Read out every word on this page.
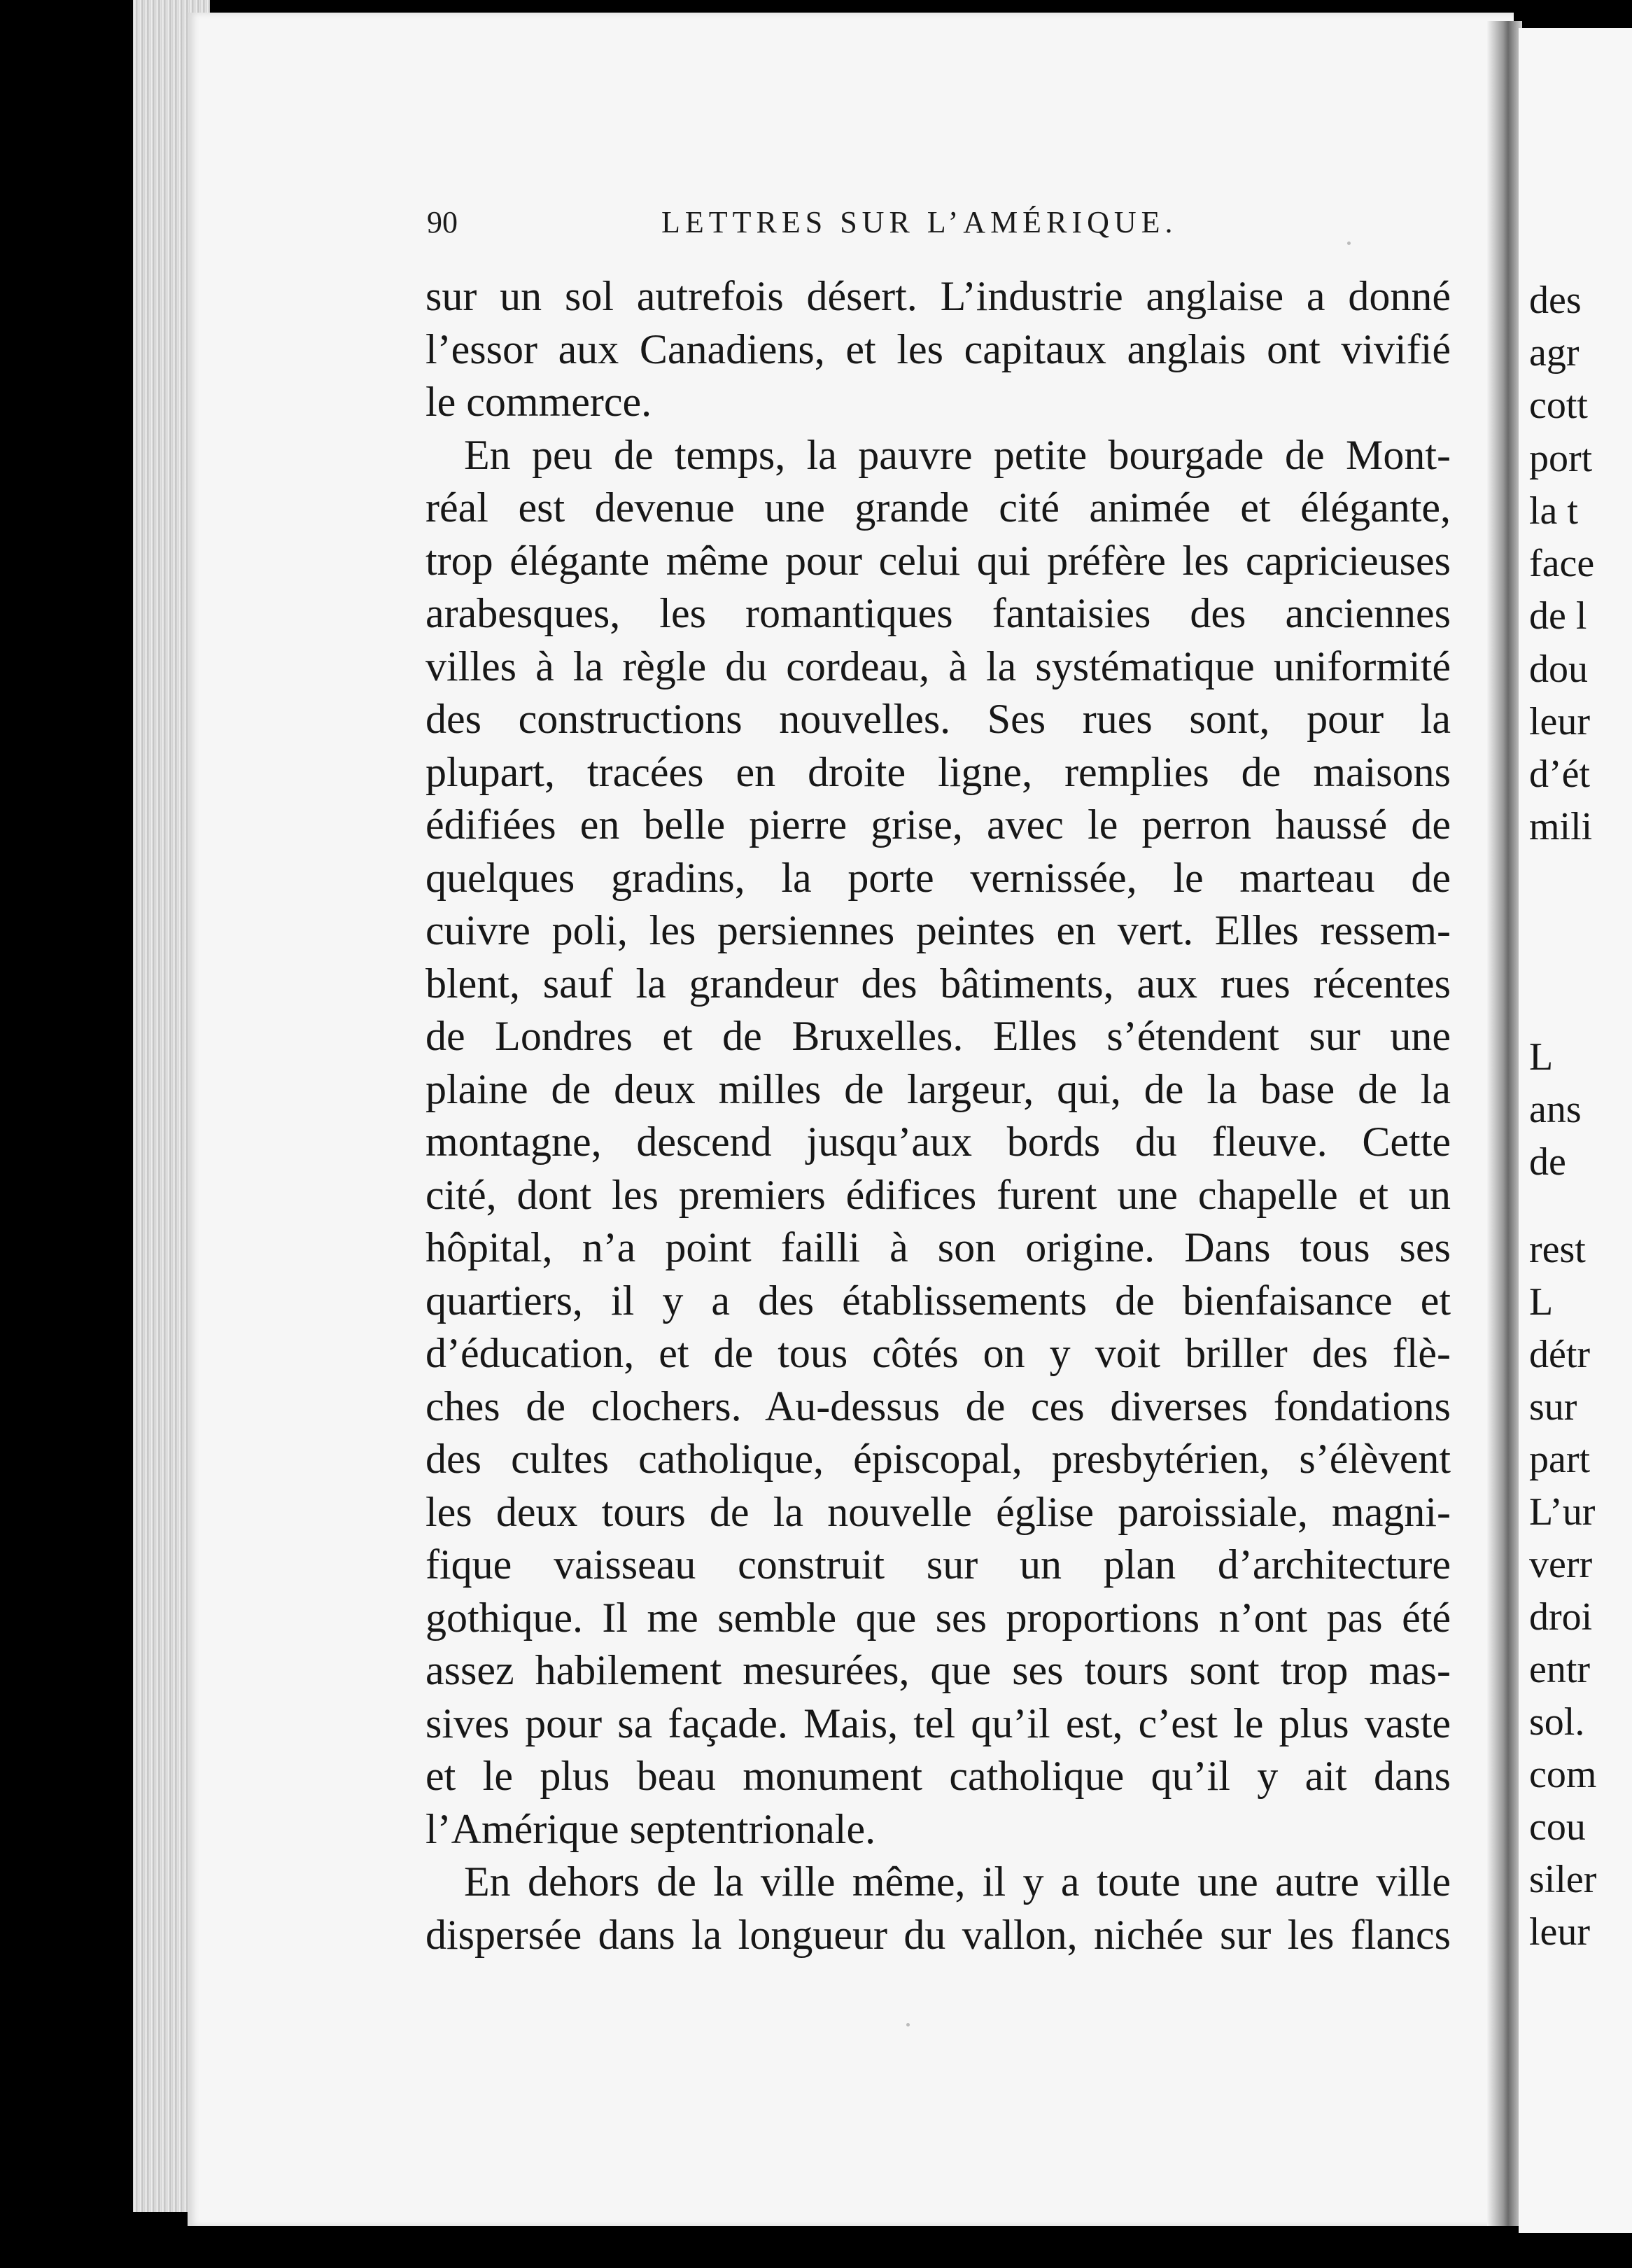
90	LETTRES SUR L’AMÉRIQUE.
sur un sol autrefois désert. L’industrie anglaise a donné
l’essor aux Canadiens, et les capitaux anglais ont vivifié
le commerce.
En peu de temps, la pauvre petite bourgade de Mont-
réal est devenue une grande cité animée et élégante,
trop élégante même pour celui qui préfère les capricieuses
arabesques, les romantiques fantaisies des anciennes
villes à la règle du cordeau, à la systématique uniformité
des constructions nouvelles. Ses rues sont, pour la
plupart, tracées en droite ligne, remplies de maisons
édifiées en belle pierre grise, avec le perron haussé de
quelques gradins, la porte vernissée, le marteau de
cuivre poli, les persiennes peintes en vert. Elles ressem-
blent, sauf la grandeur des bâtiments, aux rues récentes
de Londres et de Bruxelles. Elles s’étendent sur une
plaine de deux milles de largeur, qui, de la base de la
montagne, descend jusqu’aux bords du fleuve. Cette
cité, dont les premiers édifices furent une chapelle et un
hôpital, n’a point failli à son origine. Dans tous ses
quartiers, il y a des établissements de bienfaisance et
d’éducation, et de tous côtés on y voit briller des flè-
ches de clochers. Au-dessus de ces diverses fondations
des cultes catholique, épiscopal, presbytérien, s’élèvent
les deux tours de la nouvelle église paroissiale, magni-
fique vaisseau construit sur un plan d’architecture
gothique. Il me semble que ses proportions n’ont pas été
assez habilement mesurées, que ses tours sont trop mas-
sives pour sa façade. Mais, tel qu’il est, c’est le plus vaste
et le plus beau monument catholique qu’il y ait dans
l’Amérique septentrionale.
En dehors de la ville même, il y a toute une autre ville
dispersée dans la longueur du vallon, nichée sur les flancs
des
agr
cott
port
la t
face
de l
dou
leur
d’ét
mili
L
ans
de
rest
L
détr
sur
part
L’ur
verr
droi
entr
sol.
com
cou
siler
leur
